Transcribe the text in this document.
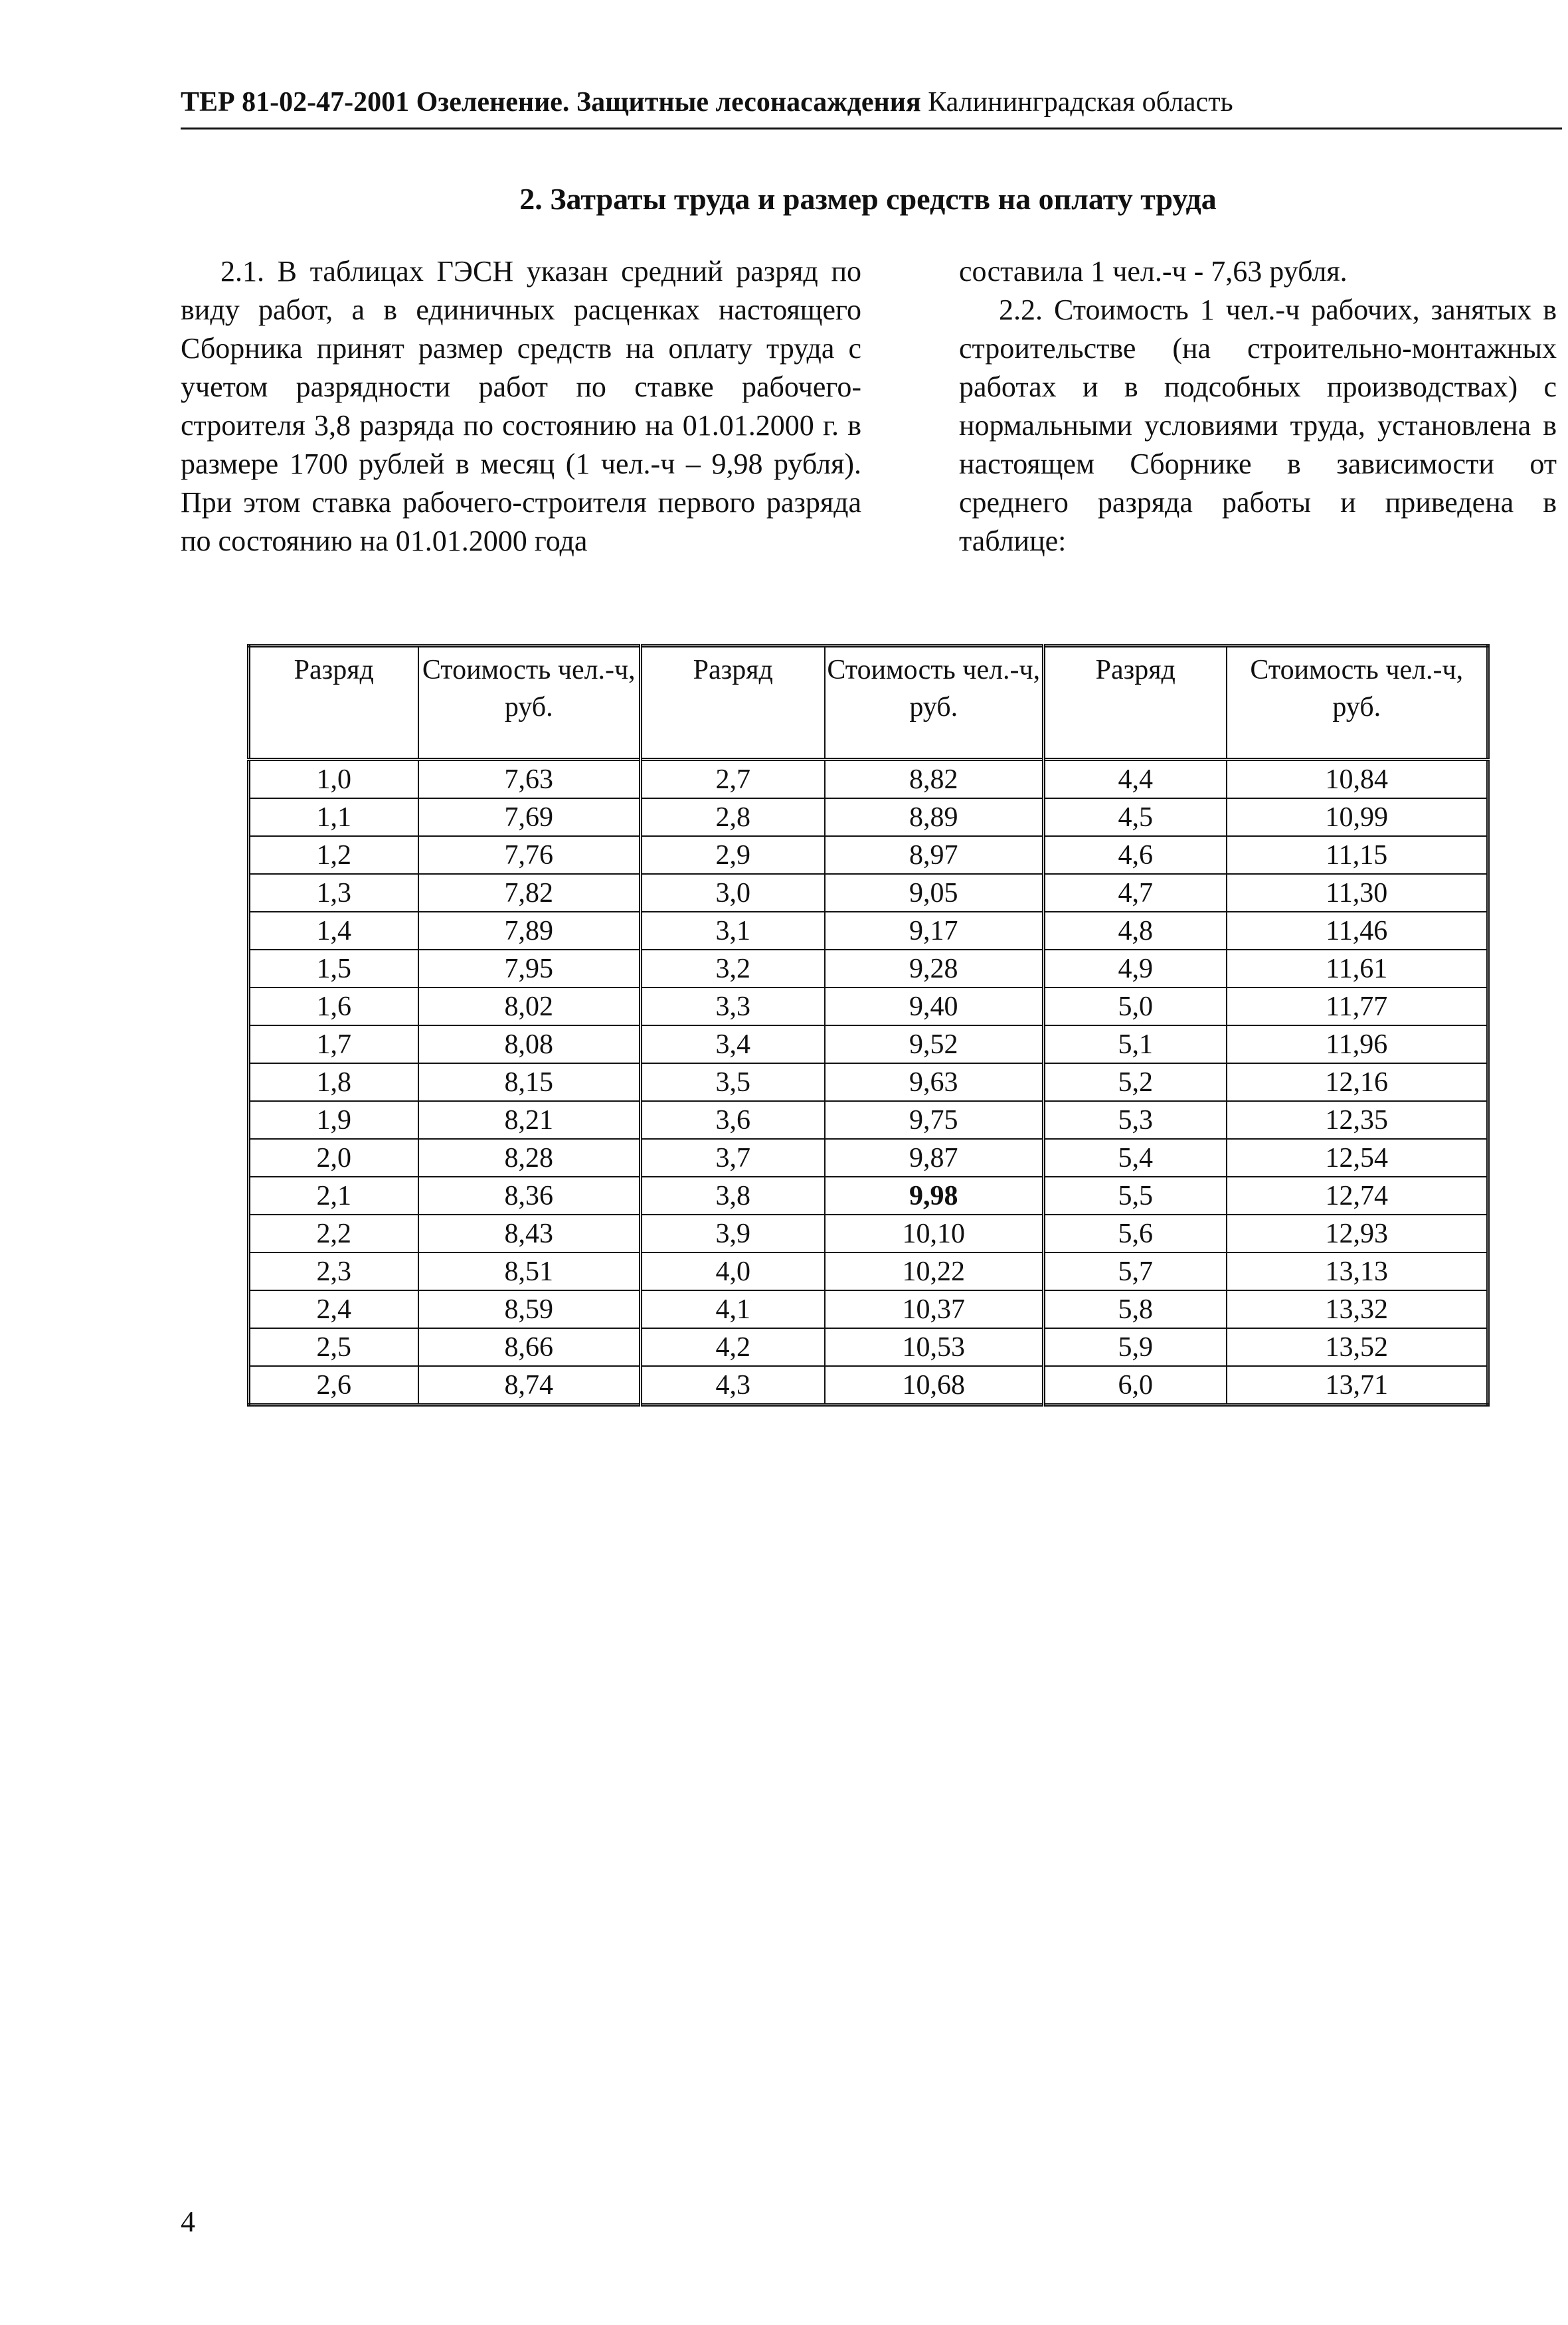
ТЕР 81-02-47-2001 Озеленение. Защитные лесонасаждения Калининградская область
2. Затраты труда и размер средств на оплату труда

2.1. В таблицах ГЭСН указан средний разряд по виду работ, а в единичных расценках настоящего Сборника принят размер средств на оплату труда с учетом разрядности работ по ставке рабочего-строителя 3,8 разряда по состоянию на 01.01.2000 г. в размере 1700 рублей в месяц (1 чел.-ч – 9,98 рубля). При этом ставка рабочего-строителя первого разряда по состоянию на 01.01.2000 года

составила 1 чел.-ч - 7,63 рубля.

2.2. Стоимость 1 чел.-ч рабочих, занятых в строительстве (на строительно-монтажных работах и в подсобных производствах) с нормальными условиями труда, установлена в настоящем Сборнике в зависимости от среднего разряда работы и приведена в таблице:

Разряд	Стоимость чел.-ч, руб.	Разряд	Стоимость чел.-ч, руб.	Разряд	Стоимость чел.-ч, руб.
1,0	7,63	2,7	8,82	4,4	10,84
1,1	7,69	2,8	8,89	4,5	10,99
1,2	7,76	2,9	8,97	4,6	11,15
1,3	7,82	3,0	9,05	4,7	11,30
1,4	7,89	3,1	9,17	4,8	11,46
1,5	7,95	3,2	9,28	4,9	11,61
1,6	8,02	3,3	9,40	5,0	11,77
1,7	8,08	3,4	9,52	5,1	11,96
1,8	8,15	3,5	9,63	5,2	12,16
1,9	8,21	3,6	9,75	5,3	12,35
2,0	8,28	3,7	9,87	5,4	12,54
2,1	8,36	3,8	9,98	5,5	12,74
2,2	8,43	3,9	10,10	5,6	12,93
2,3	8,51	4,0	10,22	5,7	13,13
2,4	8,59	4,1	10,37	5,8	13,32
2,5	8,66	4,2	10,53	5,9	13,52
2,6	8,74	4,3	10,68	6,0	13,71
4
